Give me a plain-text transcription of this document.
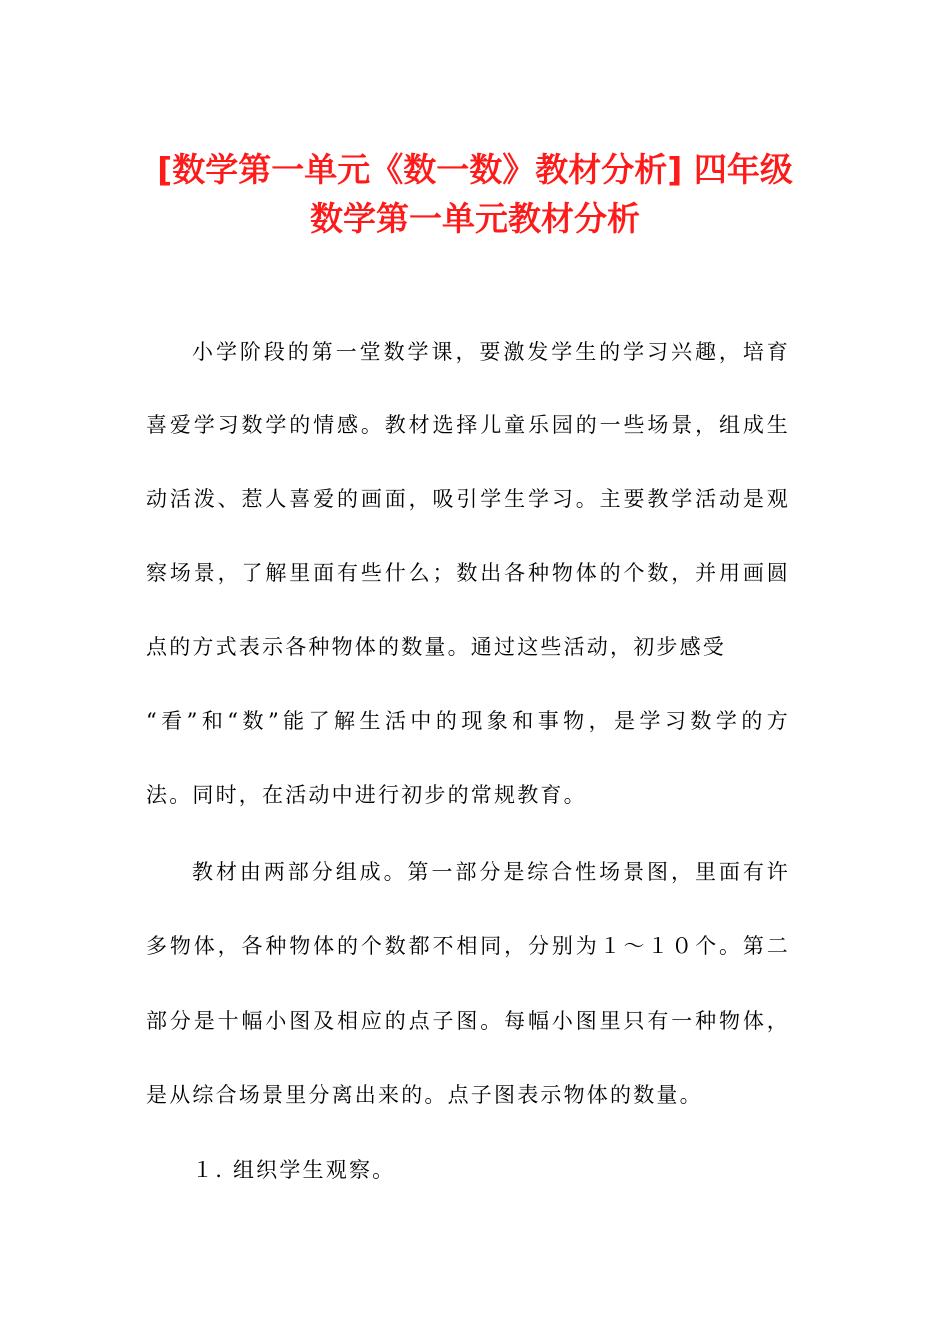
[数学第一单元《数一数》教材分析] 四年级
数学第一单元教材分析
小学阶段的第一堂数学课，要激发学生的学习兴趣，培育
喜爱学习数学的情感。教材选择儿童乐园的一些场景，组成生
动活泼、惹人喜爱的画面，吸引学生学习。主要教学活动是观
察场景，了解里面有些什么；数出各种物体的个数，并用画圆
点的方式表示各种物体的数量。通过这些活动，初步感受
“看”和“数”能了解生活中的现象和事物，是学习数学的方
法。同时，在活动中进行初步的常规教育。
教材由两部分组成。第一部分是综合性场景图，里面有许
多物体，各种物体的个数都不相同，分别为１～１０个。第二
部分是十幅小图及相应的点子图。每幅小图里只有一种物体，
是从综合场景里分离出来的。点子图表示物体的数量。
１. 组织学生观察。
